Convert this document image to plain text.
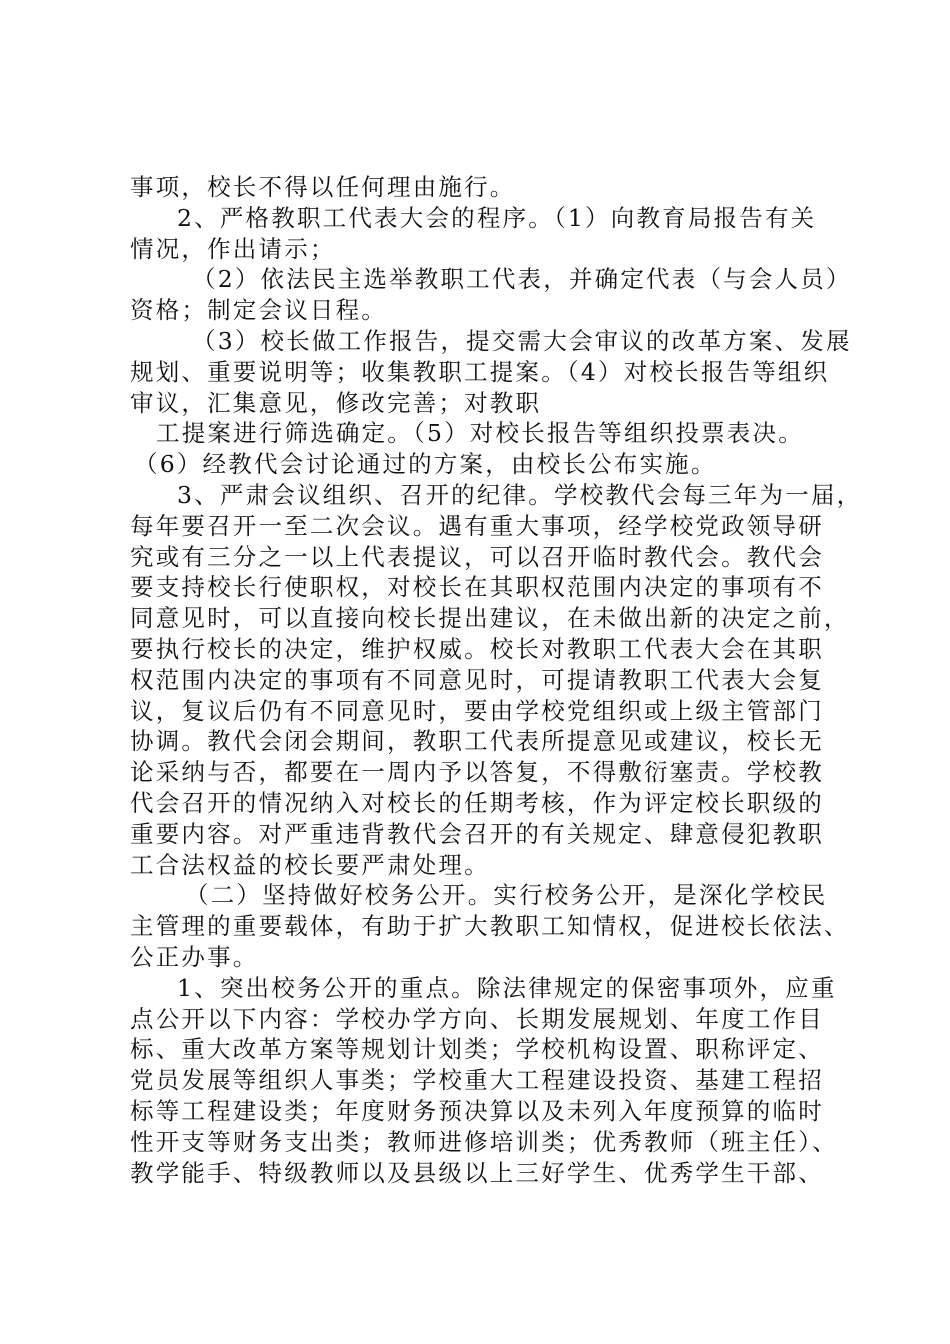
事项，校长不得以任何理由施行。
2、严格教职工代表大会的程序。（1）向教育局报告有关
情况，作出请示；
（2）依法民主选举教职工代表，并确定代表（与会人员）
资格；制定会议日程。
（3）校长做工作报告，提交需大会审议的改革方案、发展
规划、重要说明等；收集教职工提案。（4）对校长报告等组织
审议，汇集意见，修改完善；对教职
工提案进行筛选确定。（5）对校长报告等组织投票表决。
（6）经教代会讨论通过的方案，由校长公布实施。
3、严肃会议组织、召开的纪律。学校教代会每三年为一届，
每年要召开一至二次会议。遇有重大事项，经学校党政领导研
究或有三分之一以上代表提议，可以召开临时教代会。教代会
要支持校长行使职权，对校长在其职权范围内决定的事项有不
同意见时，可以直接向校长提出建议，在未做出新的决定之前，
要执行校长的决定，维护权威。校长对教职工代表大会在其职
权范围内决定的事项有不同意见时，可提请教职工代表大会复
议，复议后仍有不同意见时，要由学校党组织或上级主管部门
协调。教代会闭会期间，教职工代表所提意见或建议，校长无
论采纳与否，都要在一周内予以答复，不得敷衍塞责。学校教
代会召开的情况纳入对校长的任期考核，作为评定校长职级的
重要内容。对严重违背教代会召开的有关规定、肆意侵犯教职
工合法权益的校长要严肃处理。
（二）坚持做好校务公开。实行校务公开，是深化学校民
主管理的重要载体，有助于扩大教职工知情权，促进校长依法、
公正办事。
1、突出校务公开的重点。除法律规定的保密事项外，应重
点公开以下内容：学校办学方向、长期发展规划、年度工作目
标、重大改革方案等规划计划类；学校机构设置、职称评定、
党员发展等组织人事类；学校重大工程建设投资、基建工程招
标等工程建设类；年度财务预决算以及未列入年度预算的临时
性开支等财务支出类；教师进修培训类；优秀教师（班主任）、
教学能手、特级教师以及县级以上三好学生、优秀学生干部、
